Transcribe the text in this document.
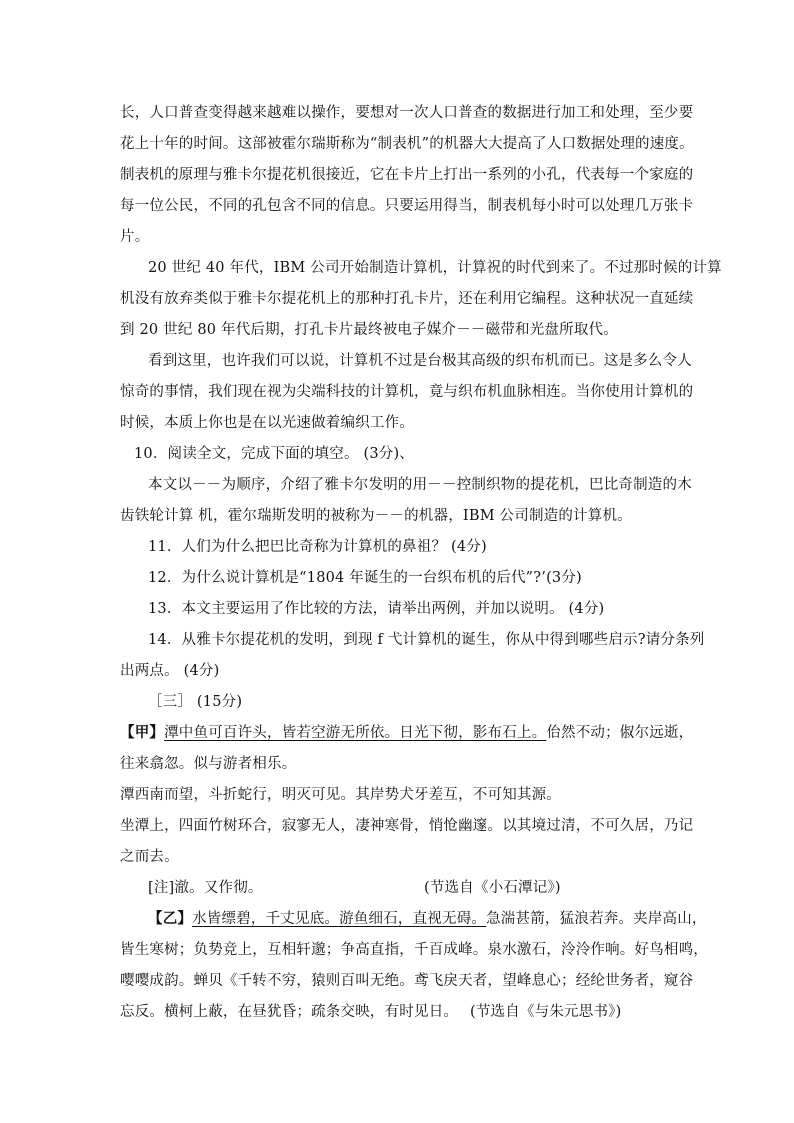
长，人口普查变得越来越难以操作，要想对一次人口普查的数据进行加工和处理，至少要
花上十年的时间。这部被霍尔瑞斯称为“制表机”的机器大大提高了人口数据处理的速度。
制表机的原理与雅卡尔提花机很接近，它在卡片上打出一系列的小孔，代表每一个家庭的
每一位公民，不同的孔包含不同的信息。只要运用得当，制表机每小时可以处理几万张卡
片。
20 世纪 40 年代，IBM 公司开始制造计算机，计算祝的时代到来了。不过那时候的计算
机没有放弃类似于雅卡尔提花机上的那种打孔卡片，还在利用它编程。这种状况一直延续
到 20 世纪 80 年代后期，打孔卡片最终被电子媒介－－磁带和光盘所取代。
看到这里，也许我们可以说，计算机不过是台极其高级的织布机而已。这是多么令人
惊奇的事情，我们现在视为尖端科技的计算机，竟与织布机血脉相连。当你使用计算机的
时候，本质上你也是在以光速做着编织工作。
10．阅读全文，完成下面的填空。 (3分)、
本文以－－为顺序，介绍了雅卡尔发明的用－－控制织物的提花机，巴比奇制造的木
齿铁轮计算 机，霍尔瑞斯发明的被称为－－的机器，IBM 公司制造的计算机。
11．人们为什么把巴比奇称为计算机的鼻祖？ (4分)
12．为什么说计算机是“1804 年诞生的一台织布机的后代”?’(3分)
13．本文主要运用了作比较的方法，请举出两例，并加以说明。 (4分)
14．从雅卡尔提花机的发明，到现 f 弋计算机的诞生，你从中得到哪些启示?请分条列
出两点。 (4分)
［三］ (15分)
【甲】潭中鱼可百许头，皆若空游无所依。日光下彻，影布石上。佁然不动；俶尔远逝，
往来翕忽。似与游者相乐。
潭西南而望，斗折蛇行，明灭可见。其岸势犬牙差互，不可知其源。
坐潭上，四面竹树环合，寂寥无人，凄神寒骨，悄怆幽邃。以其境过清，不可久居，乃记
之而去。
[注]澈。又作彻。	(节选自《小石潭记》)
【乙】水皆缥碧，千丈见底。游鱼细石，直视无碍。急湍甚箭，猛浪若奔。夹岸高山，
皆生寒树；负势竞上，互相轩邈；争高直指，千百成峰。泉水激石，泠泠作响。好鸟相鸣，
嘤嘤成韵。蝉贝《千转不穷，猿则百叫无绝。鸢飞戾天者，望峰息心；经纶世务者，窥谷
忘反。横柯上蔽，在昼犹昏；疏条交映，有时见日。 (节选自《与朱元思书》)
